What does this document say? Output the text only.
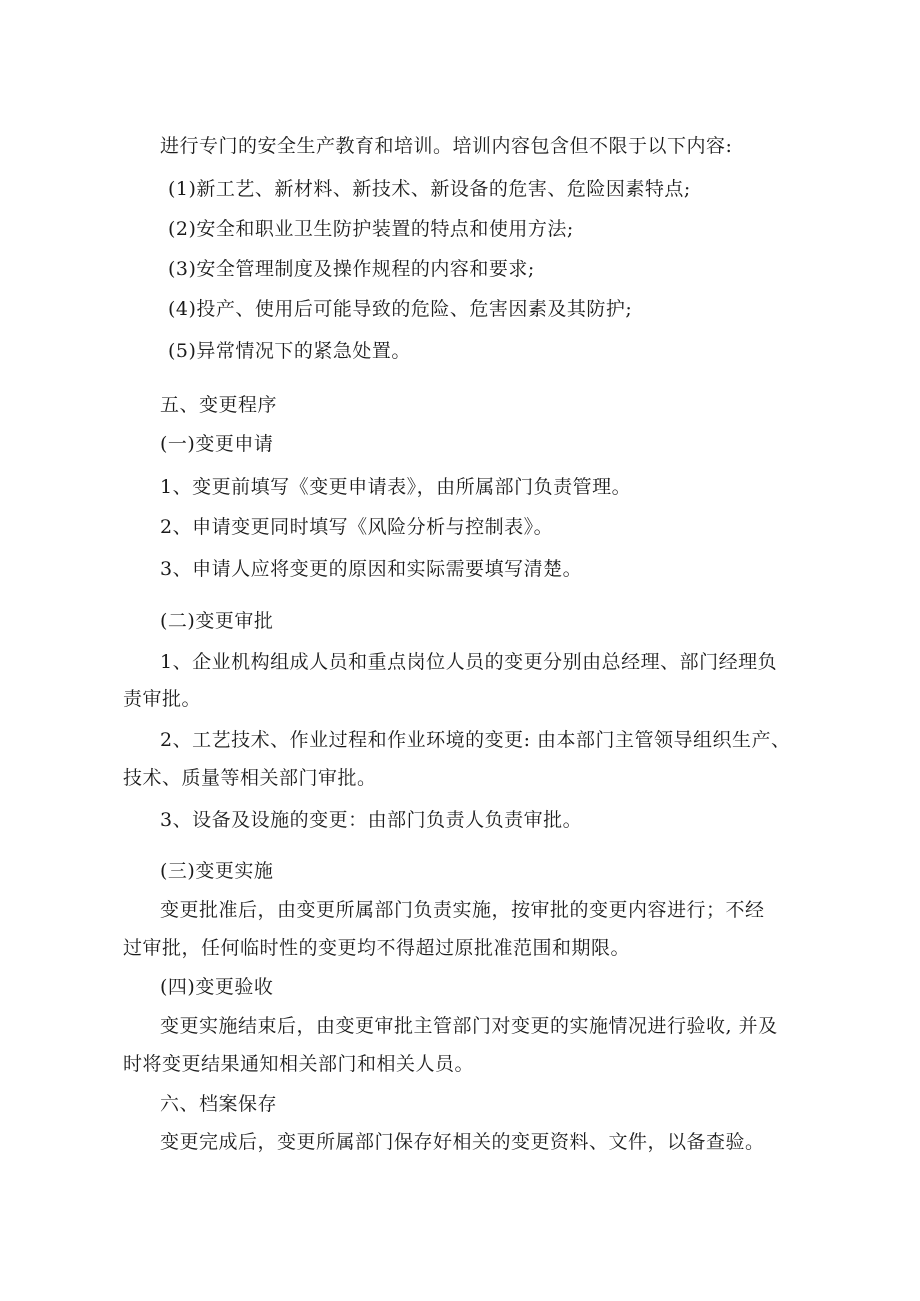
进行专门的安全生产教育和培训。培训内容包含但不限于以下内容:
(1)新工艺、新材料、新技术、新设备的危害、危险因素特点;
(2)安全和职业卫生防护装置的特点和使用方法;
(3)安全管理制度及操作规程的内容和要求;
(4)投产、使用后可能导致的危险、危害因素及其防护;
(5)异常情况下的紧急处置。
五、变更程序
(一)变更申请
1、变更前填写《变更申请表》，由所属部门负责管理。
2、申请变更同时填写《风险分析与控制表》。
3、申请人应将变更的原因和实际需要填写清楚。
(二)变更审批
1、企业机构组成人员和重点岗位人员的变更分别由总经理、部门经理负
责审批。
2、工艺技术、作业过程和作业环境的变更: 由本部门主管领导组织生产、
技术、质量等相关部门审批。
3、设备及设施的变更：由部门负责人负责审批。
(三)变更实施
变更批准后，由变更所属部门负责实施，按审批的变更内容进行；不经
过审批，任何临时性的变更均不得超过原批准范围和期限。
(四)变更验收
变更实施结束后，由变更审批主管部门对变更的实施情况进行验收, 并及
时将变更结果通知相关部门和相关人员。
六、档案保存
变更完成后，变更所属部门保存好相关的变更资料、文件，以备查验。
